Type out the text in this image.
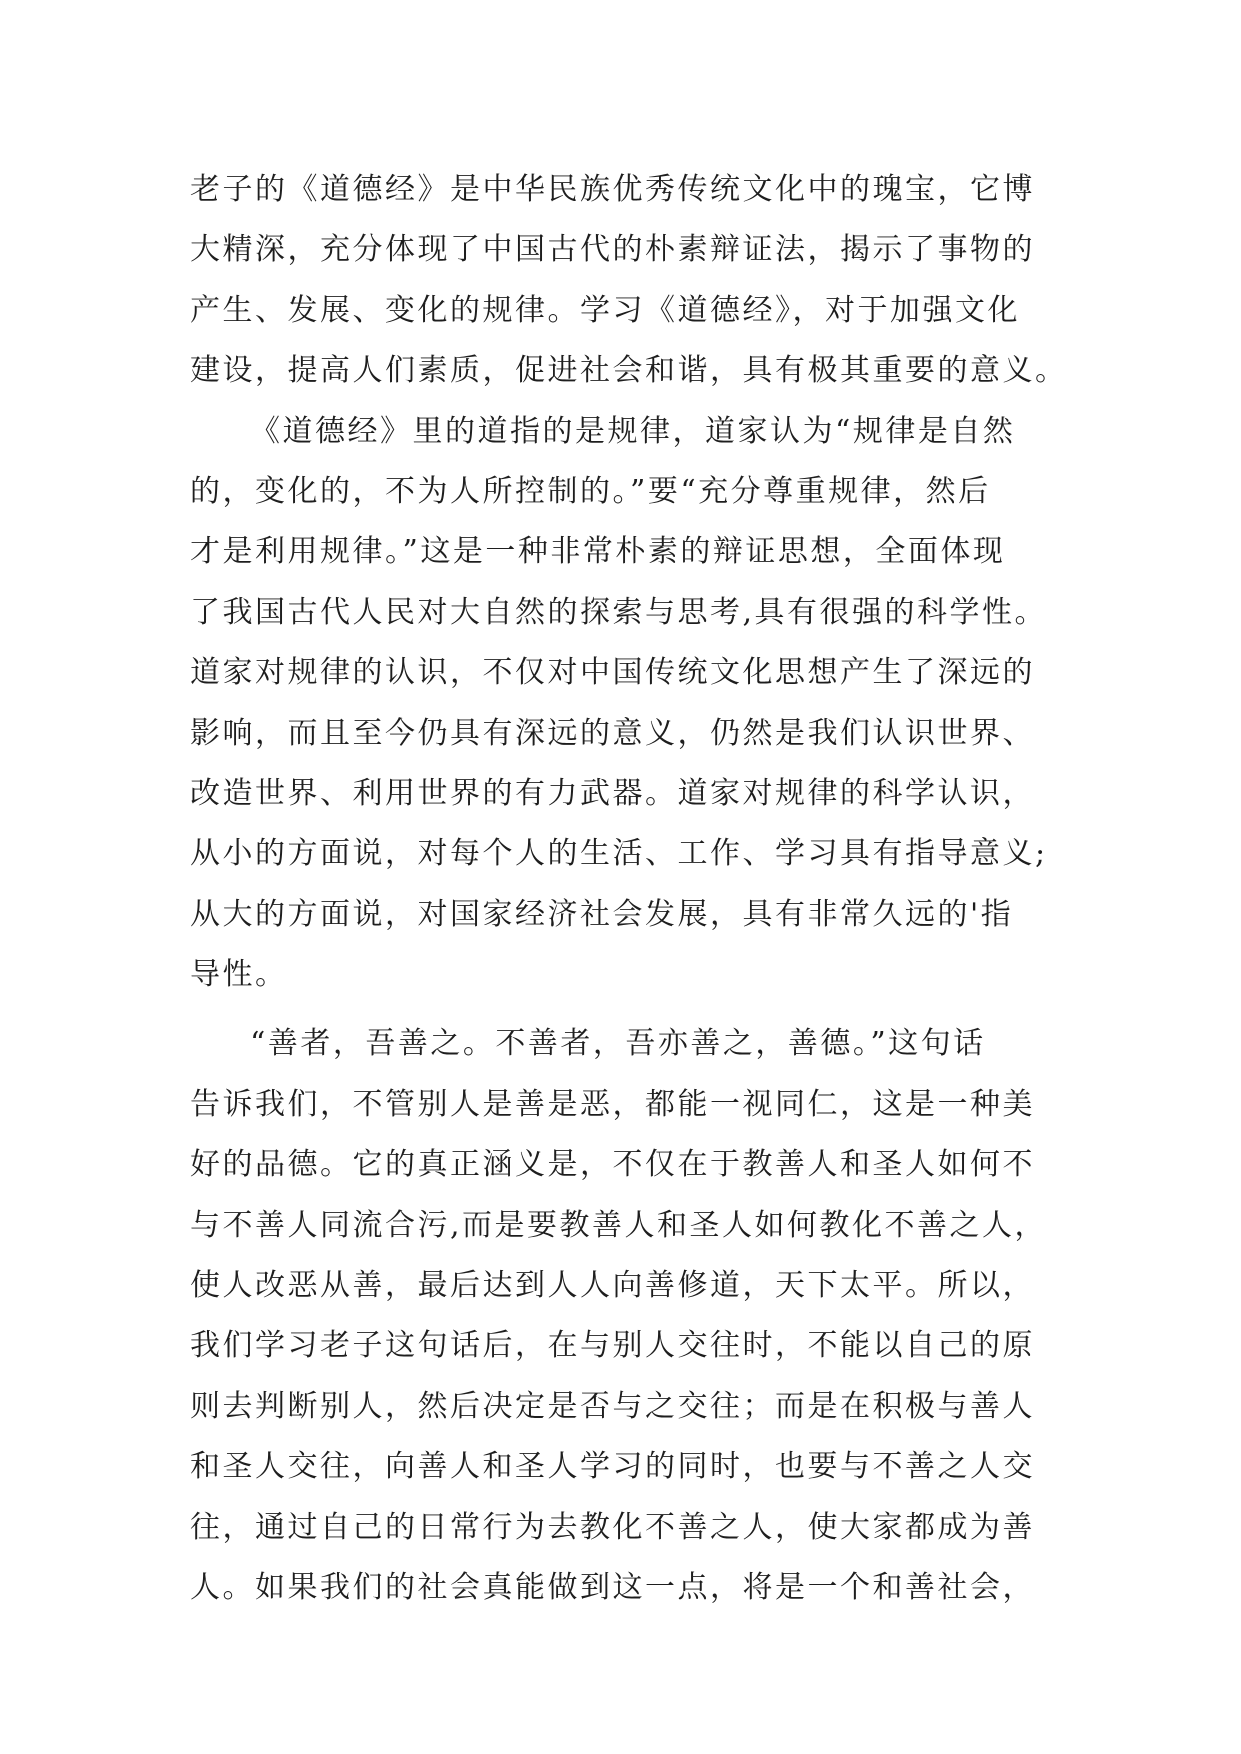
老子的《道德经》是中华民族优秀传统文化中的瑰宝，它博
大精深，充分体现了中国古代的朴素辩证法，揭示了事物的
产生、发展、变化的规律。学习《道德经》，对于加强文化
建设，提高人们素质，促进社会和谐，具有极其重要的意义。
《道德经》里的道指的是规律，道家认为“规律是自然
的，变化的，不为人所控制的。”要“充分尊重规律，然后
才是利用规律。”这是一种非常朴素的辩证思想，全面体现
了我国古代人民对大自然的探索与思考,具有很强的科学性。
道家对规律的认识，不仅对中国传统文化思想产生了深远的
影响，而且至今仍具有深远的意义，仍然是我们认识世界、
改造世界、利用世界的有力武器。道家对规律的科学认识，
从小的方面说，对每个人的生活、工作、学习具有指导意义;
从大的方面说，对国家经济社会发展，具有非常久远的'指
导性。
“善者，吾善之。不善者，吾亦善之，善德。”这句话
告诉我们，不管别人是善是恶，都能一视同仁，这是一种美
好的品德。它的真正涵义是，不仅在于教善人和圣人如何不
与不善人同流合污,而是要教善人和圣人如何教化不善之人，
使人改恶从善，最后达到人人向善修道，天下太平。所以，
我们学习老子这句话后，在与别人交往时，不能以自己的原
则去判断别人，然后决定是否与之交往；而是在积极与善人
和圣人交往，向善人和圣人学习的同时，也要与不善之人交
往，通过自己的日常行为去教化不善之人，使大家都成为善
人。如果我们的社会真能做到这一点，将是一个和善社会，
